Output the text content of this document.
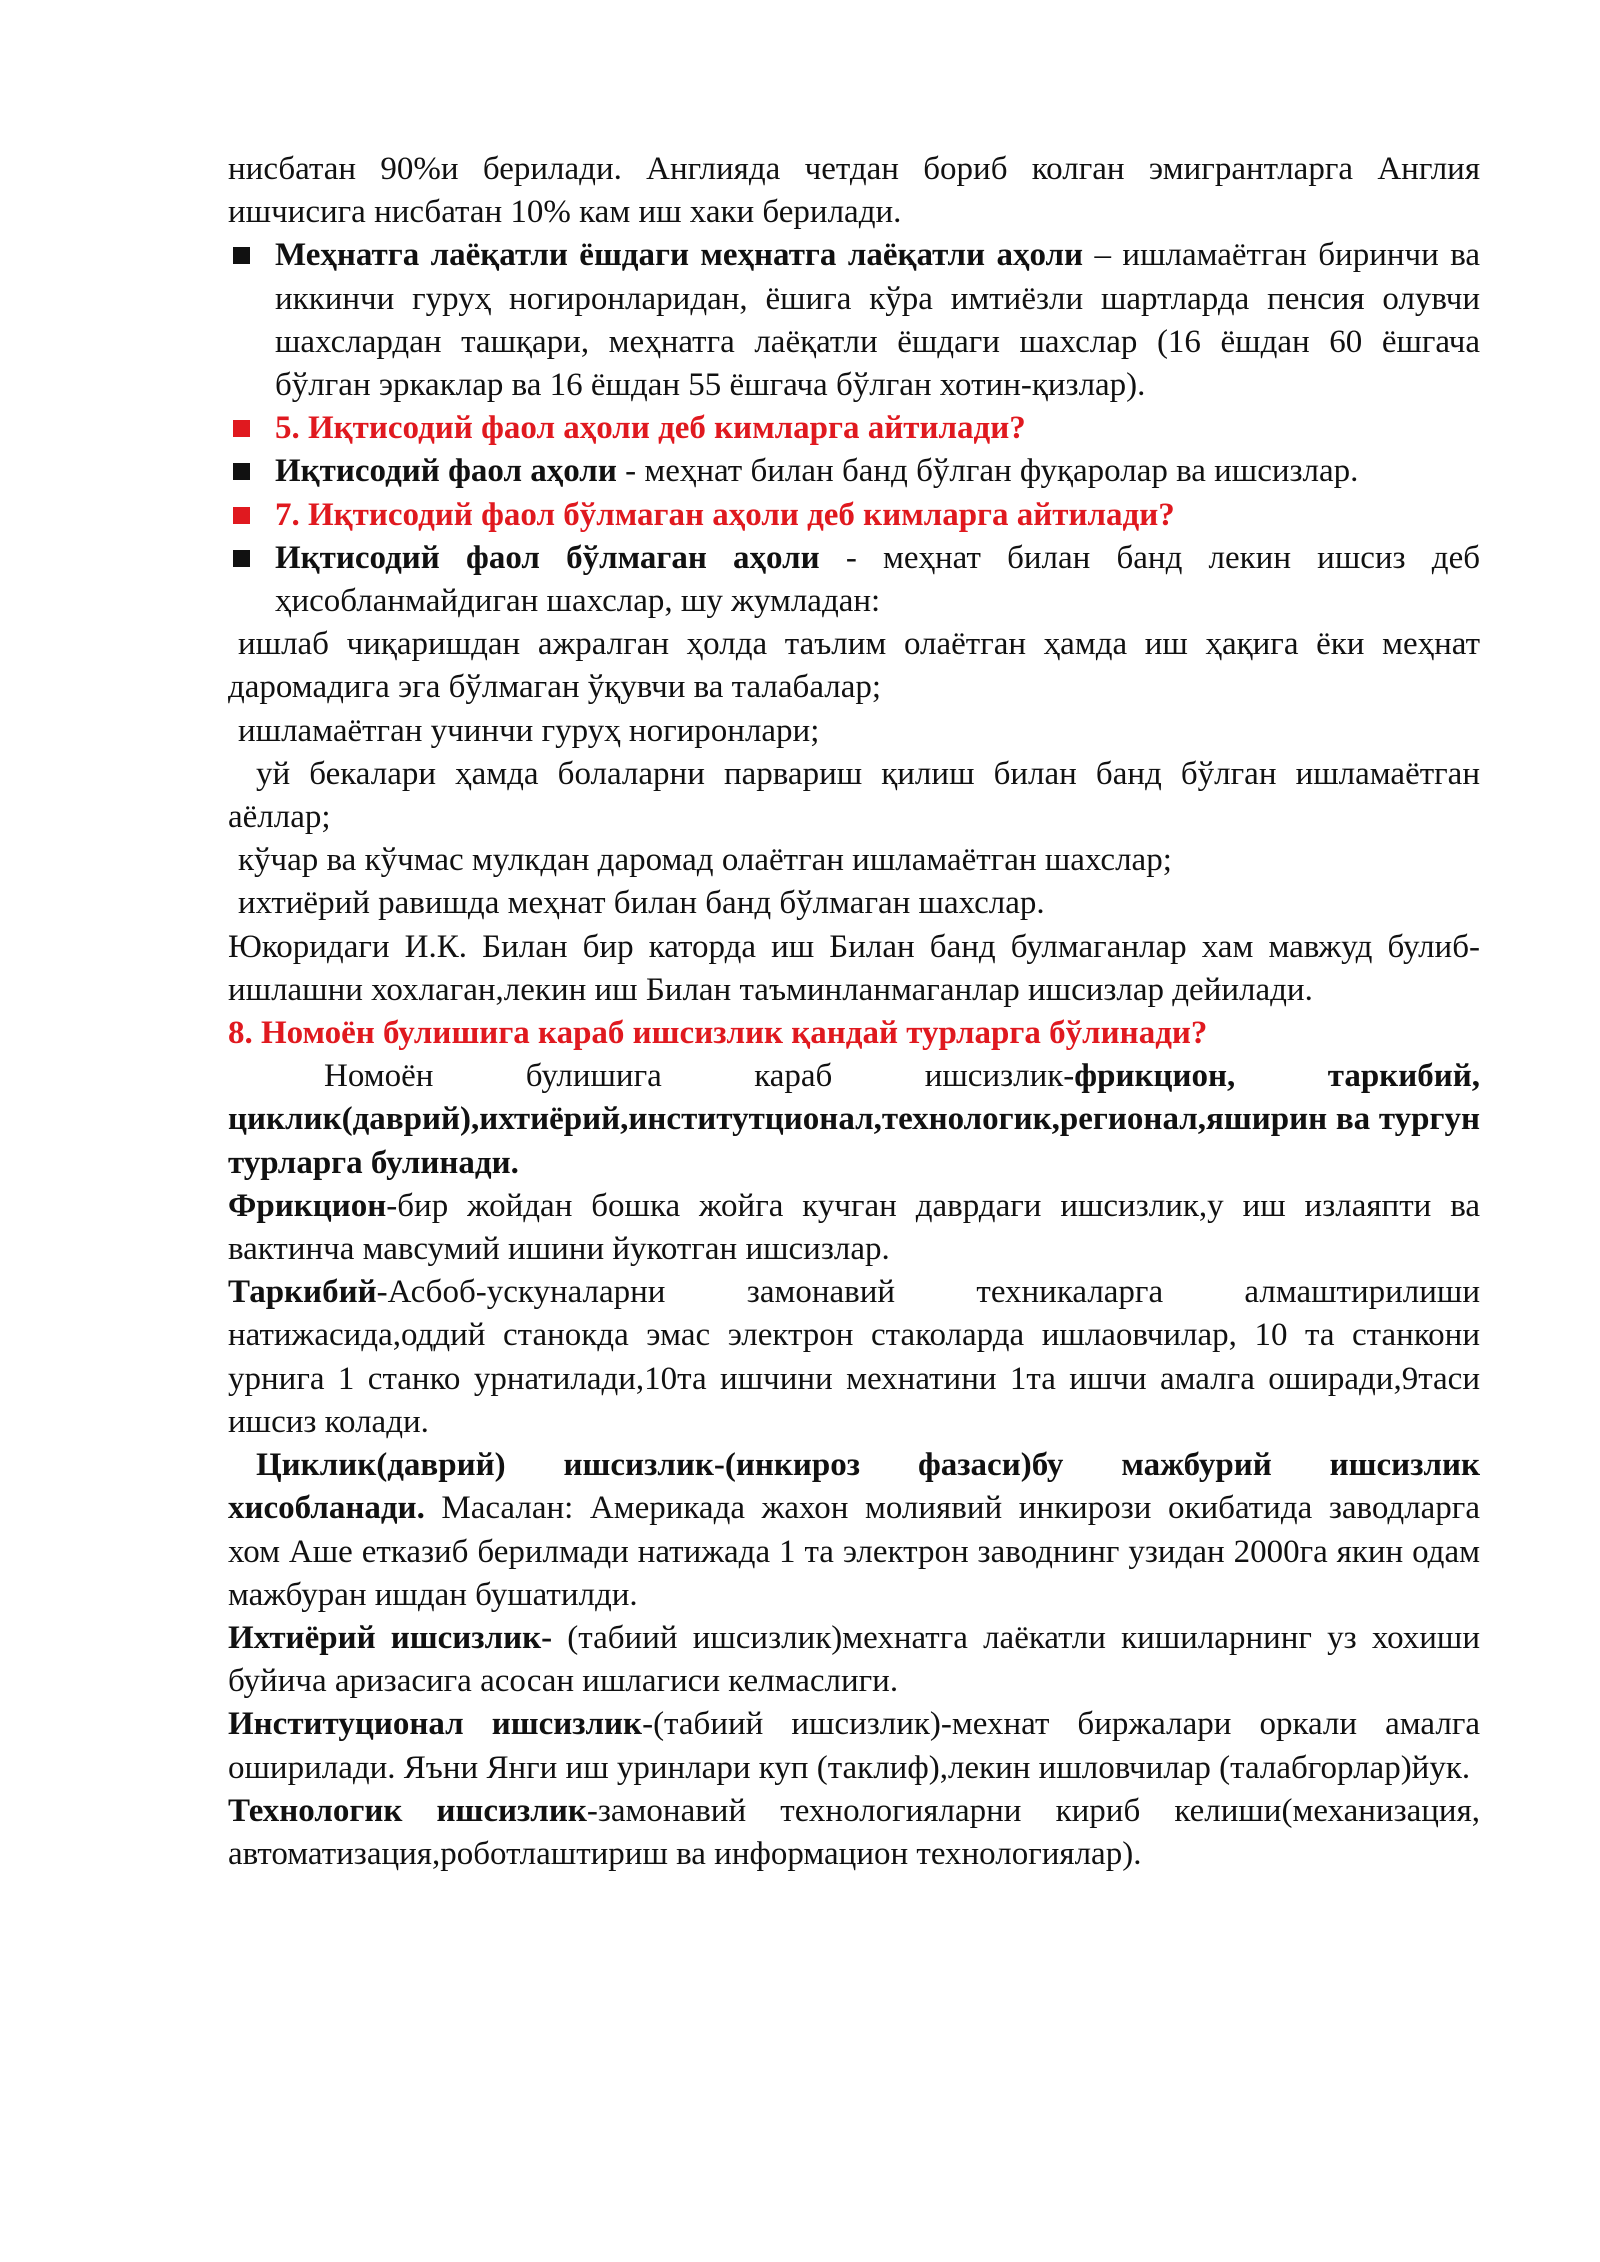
нисбатан 90%и берилади. Англияда четдан бориб колган эмигрантларга Англия ишчисига нисбатан 10% кам иш хаки берилади.

Меҳнатга лаёқатли ёшдаги меҳнатга лаёқатли аҳоли – ишламаётган биринчи ва иккинчи гуруҳ ногиронларидан, ёшига кўра имтиёзли шартларда пенсия олувчи шахслардан ташқари, меҳнатга лаёқатли ёшдаги шахслар (16 ёшдан 60 ёшгача бўлган эркаклар ва 16 ёшдан 55 ёшгача бўлган хотин-қизлар).
5. Иқтисодий фаол аҳоли деб кимларга айтилади?
Иқтисодий фаол аҳоли - меҳнат билан банд бўлган фуқаролар ва ишсизлар.
7. Иқтисодий фаол бўлмаган аҳоли деб кимларга айтилади?
Иқтисодий фаол бўлмаган аҳоли - меҳнат билан банд лекин ишсиз деб ҳисобланмайдиган шахслар, шу жумладан:

ишлаб чиқаришдан ажралган ҳолда таълим олаётган ҳамда иш ҳақига ёки меҳнат даромадига эга бўлмаган ўқувчи ва талабалар;

ишламаётган учинчи гуруҳ ногиронлари;

уй бекалари ҳамда болаларни парвариш қилиш билан банд бўлган ишламаётган аёллар;

кўчар ва кўчмас мулкдан даромад олаётган ишламаётган шахслар;

ихтиёрий равишда меҳнат билан банд бўлмаган шахслар.

Юкоридаги И.К. Билан бир каторда иш Билан банд булмаганлар хам мавжуд булиб- ишлашни хохлаган,лекин иш Билан таъминланмаганлар ишсизлар дейилади.

8. Номоён булишига караб ишсизлик қандай турларга бўлинади?

Номоён булишига караб ишсизлик-фрикцион, таркибий, циклик(даврий),ихтиёрий,институтционал,технологик,регионал,яширин ва тургун турларга булинади.

Фрикцион-бир жойдан бошка жойга кучган даврдаги ишсизлик,у иш излаяпти ва вактинча мавсумий ишини йукотган ишсизлар.

Таркибий-Асбоб-ускуналарни замонавий техникаларга алмаштирилиши натижасида,оддий станокда эмас электрон стаколарда ишлаовчилар, 10 та станкони урнига 1 станко урнатилади,10та ишчини мехнатини 1та ишчи амалга оширади,9таси ишсиз колади.

Циклик(даврий) ишсизлик-(инкироз фазаси)бу мажбурий ишсизлик хисобланади. Масалан: Америкада жахон молиявий инкирози окибатида заводларга хом Аше етказиб берилмади натижада 1 та электрон заводнинг узидан 2000га якин одам мажбуран ишдан бушатилди.

Ихтиёрий ишсизлик- (табиий ишсизлик)мехнатга лаёкатли кишиларнинг уз хохиши буйича аризасига асосан ишлагиси келмаслиги.

Институционал ишсизлик-(табиий ишсизлик)-мехнат биржалари оркали амалга оширилади. Яъни Янги иш уринлари куп (таклиф),лекин ишловчилар (талабгорлар)йук.

Технологик ишсизлик-замонавий технологияларни кириб келиши(механизация, автоматизация,роботлаштириш ва информацион технологиялар).
